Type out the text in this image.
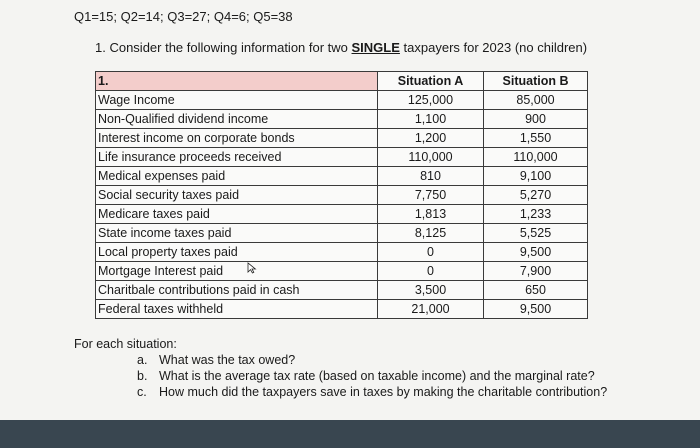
Q1=15; Q2=14; Q3=27; Q4=6; Q5=38
1. Consider the following information for two SINGLE taxpayers for 2023 (no children)
1.	Situation A	Situation B
Wage Income	125,000	85,000
Non-Qualified dividend income	1,100	900
Interest income on corporate bonds	1,200	1,550
Life insurance proceeds received	110,000	110,000
Medical expenses paid	810	9,100
Social security taxes paid	7,750	5,270
Medicare taxes paid	1,813	1,233
State income taxes paid	8,125	5,525
Local property taxes paid	0	9,500
Mortgage Interest paid	0	7,900
Charitbale contributions paid in cash	3,500	650
Federal taxes withheld	21,000	9,500
For each situation:
a. What was the tax owed?
b. What is the average tax rate (based on taxable income) and the marginal rate?
c. How much did the taxpayers save in taxes by making the charitable contribution?
